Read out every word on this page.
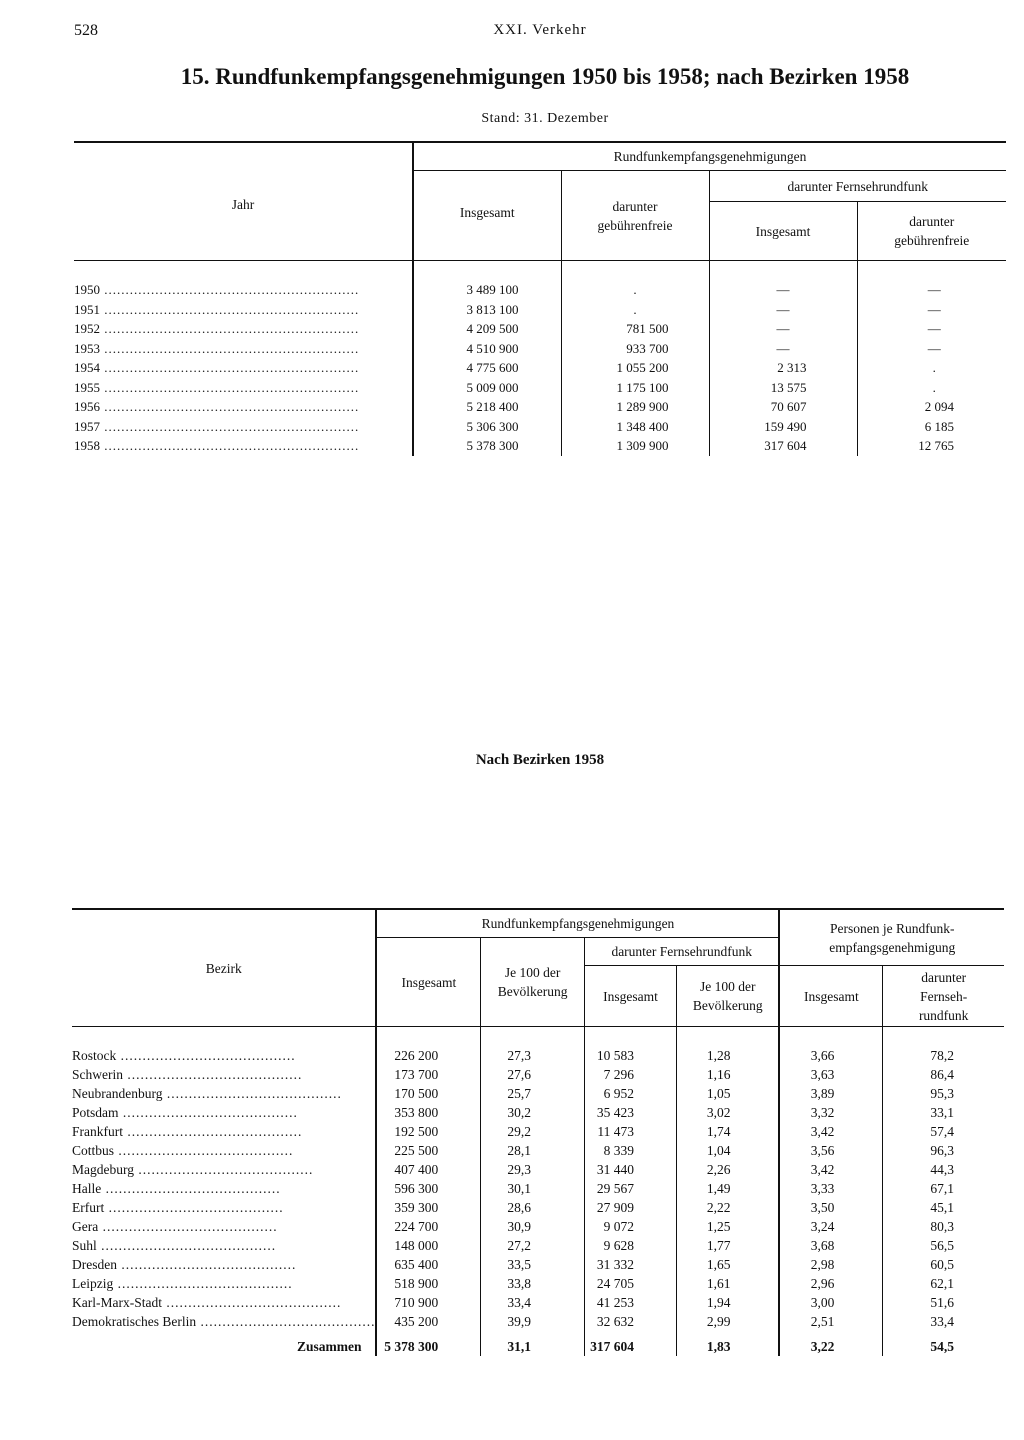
528	XXI. Verkehr
15. Rundfunkempfangsgenehmigungen 1950 bis 1958; nach Bezirken 1958
Stand: 31. Dezember
Jahr	Rundfunkempfangsgenehmigungen			
	Insgesamt	darunter gebührenfreie	darunter Fernsehrundfunk	
			Insgesamt	darunter gebührenfreie

1950 ............................................................	3 489 100	.	—	—
1951 ............................................................	3 813 100	.	—	—
1952 ............................................................	4 209 500	781 500	—	—
1953 ............................................................	4 510 900	933 700	—	—
1954 ............................................................	4 775 600	1 055 200	2 313	.
1955 ............................................................	5 009 000	1 175 100	13 575	.
1956 ............................................................	5 218 400	1 289 900	70 607	2 094
1957 ............................................................	5 306 300	1 348 400	159 490	6 185
1958 ............................................................	5 378 300	1 309 900	317 604	12 765
Nach Bezirken 1958
Bezirk	Rundfunkempfangsgenehmigungen				Personen je Rundfunk-empfangsgenehmigung	
	Insgesamt	Je 100 der Bevölkerung	darunter Fernsehrundfunk			
			Insgesamt	Je 100 der Bevölkerung	Insgesamt	darunter Fernseh-rundfunk

Rostock ........................................	226 200	27,3	10 583	1,28	3,66	78,2
Schwerin ........................................	173 700	27,6	7 296	1,16	3,63	86,4
Neubrandenburg ........................................	170 500	25,7	6 952	1,05	3,89	95,3
Potsdam ........................................	353 800	30,2	35 423	3,02	3,32	33,1
Frankfurt ........................................	192 500	29,2	11 473	1,74	3,42	57,4
Cottbus ........................................	225 500	28,1	8 339	1,04	3,56	96,3
Magdeburg ........................................	407 400	29,3	31 440	2,26	3,42	44,3
Halle ........................................	596 300	30,1	29 567	1,49	3,33	67,1
Erfurt ........................................	359 300	28,6	27 909	2,22	3,50	45,1
Gera ........................................	224 700	30,9	9 072	1,25	3,24	80,3
Suhl ........................................	148 000	27,2	9 628	1,77	3,68	56,5
Dresden ........................................	635 400	33,5	31 332	1,65	2,98	60,5
Leipzig ........................................	518 900	33,8	24 705	1,61	2,96	62,1
Karl-Marx-Stadt ........................................	710 900	33,4	41 253	1,94	3,00	51,6
Demokratisches Berlin ........................................	435 200	39,9	32 632	2,99	2,51	33,4
Zusammen	5 378 300	31,1	317 604	1,83	3,22	54,5
